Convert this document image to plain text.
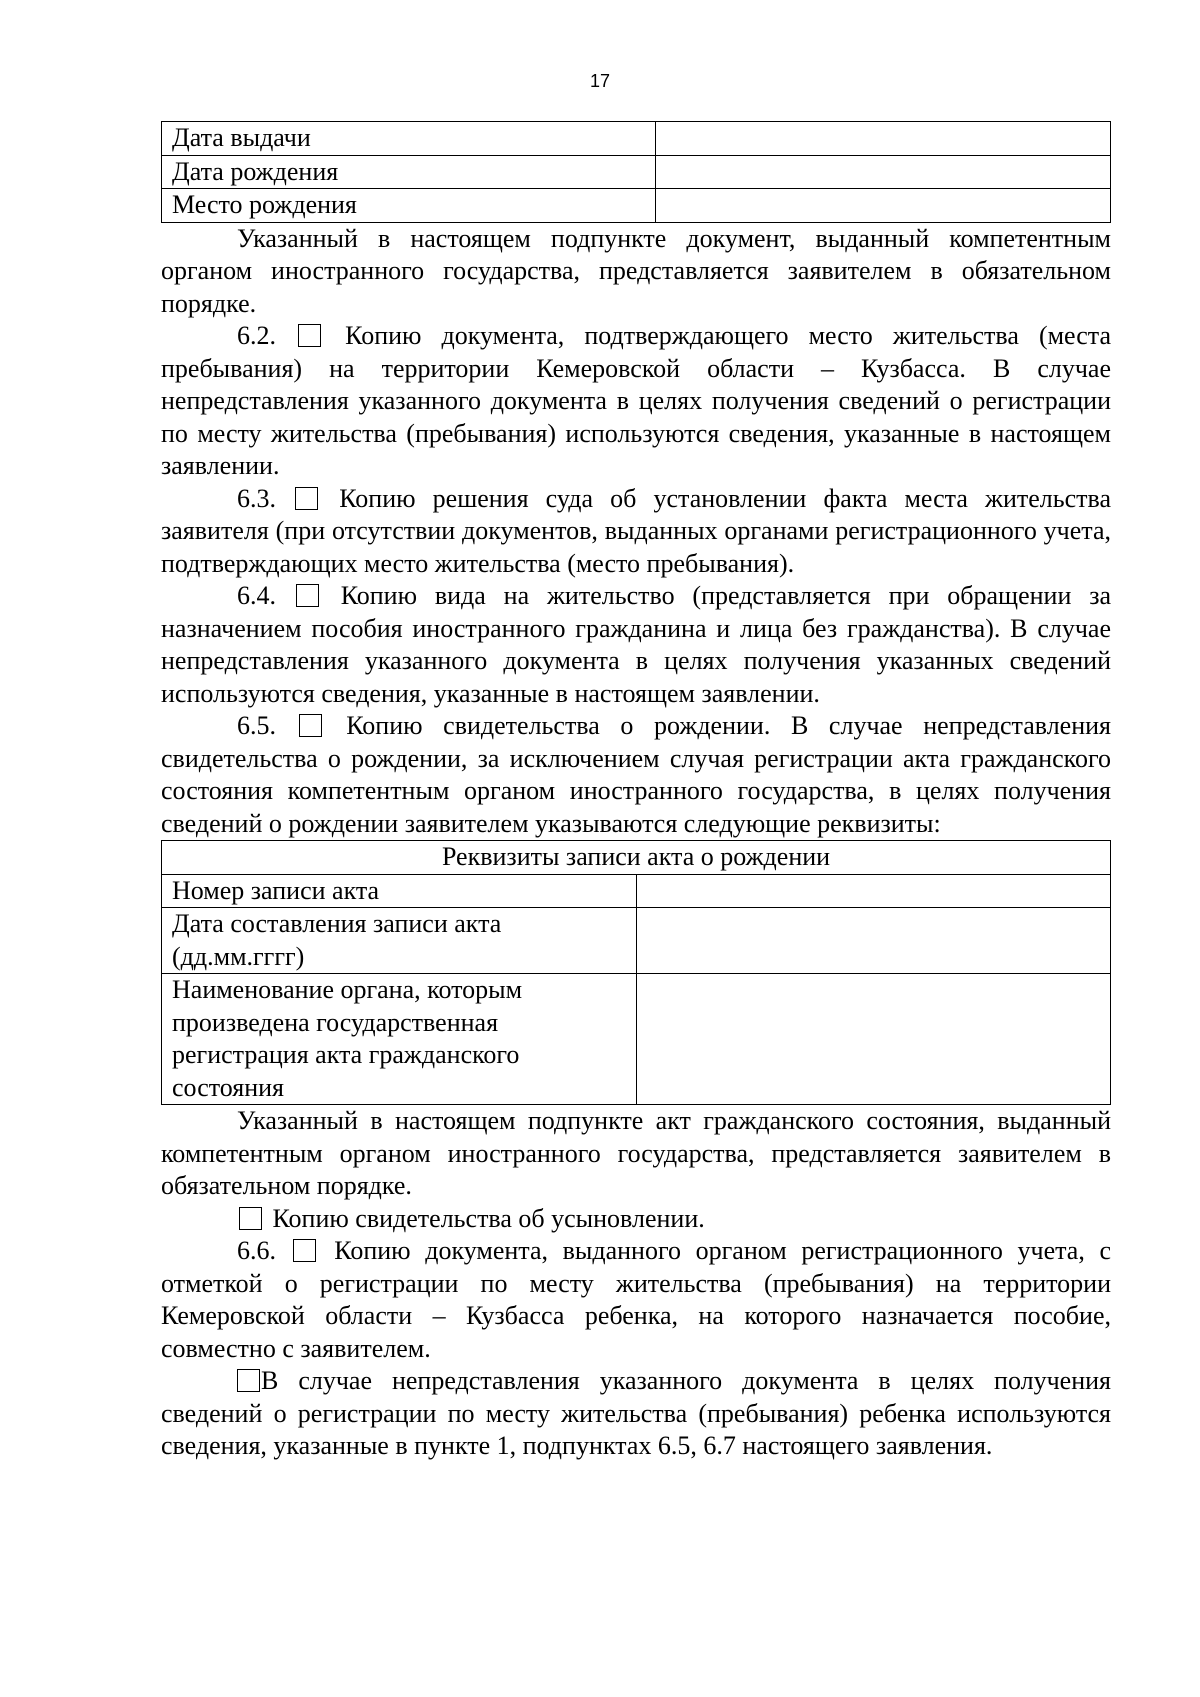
17
Дата выдачи	
Дата рождения	
Место рождения	

Указанный в настоящем подпункте документ, выданный компетентным органом иностранного государства, представляется заявителем в обязательном порядке.

6.2.	Копию документа, подтверждающего место жительства (места пребывания) на территории Кемеровской области – Кузбасса. В случае непредставления указанного документа в целях получения сведений о регистрации по месту жительства (пребывания) используются сведения, указанные в настоящем заявлении.

6.3. Копию решения суда об установлении факта места жительства заявителя (при отсутствии документов, выданных органами регистрационного учета, подтверждающих место жительства (место пребывания).

6.4. Копию вида на жительство (представляется при обращении за назначением пособия иностранного гражданина и лица без гражданства). В случае непредставления указанного документа в целях получения указанных сведений используются сведения, указанные в настоящем заявлении.

6.5.	Копию свидетельства о рождении. В случае непредставления свидетельства о рождении, за исключением случая регистрации акта гражданского состояния компетентным органом иностранного государства, в целях получения сведений о рождении заявителем указываются следующие реквизиты:

Реквизиты записи акта о рождении	
Номер записи акта	
Дата составления записи акта (дд.мм.гггг)	
Наименование органа, которым произведена государственная регистрация акта гражданского состояния	

Указанный в настоящем подпункте акт гражданского состояния, выданный компетентным органом иностранного государства, представляется заявителем в обязательном порядке.

Копию свидетельства об усыновлении.

6.6. Копию документа, выданного органом регистрационного учета, с отметкой о регистрации по месту жительства (пребывания) на территории Кемеровской области – Кузбасса ребенка, на которого назначается пособие, совместно с заявителем.

В случае непредставления указанного документа в целях получения сведений о регистрации по месту жительства (пребывания) ребенка используются сведения, указанные в пункте 1, подпунктах 6.5, 6.7 настоящего заявления.
